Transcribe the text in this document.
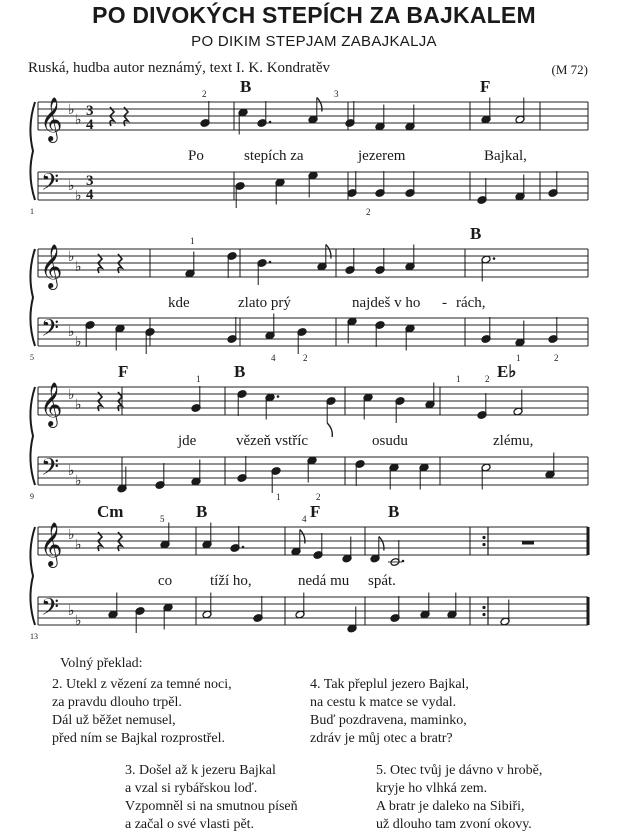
PO DIVOKÝCH STEPÍCH ZA BAJKALEM
PO DIKIM STEPJAM ZABAJKALJA
Ruská, hudba autor neznámý, text I. K. Kondratěv	(M 72)
𝄞
𝄢
♭
♭
♭
♭
3
4
3
4
1
B	F
2	3
2
Po	stepích za	jezerem	Bajkal,
𝄞
𝄢
♭
♭
♭
♭
5
B
1
4	2	1	2
kde	zlato prý	najdeš v ho - rách,
𝄞
𝄢
♭
♭
♭
♭
9
F	B	E♭
1	1	2
1	2
jde	vězeň vstříc	osudu	zlému,
𝄞
𝄢
♭
♭
♭
♭
13
Cm	B	F	B
5	4
co	tíží ho,	nedá mu spát.
Volný překlad:
2. Utekl z vězení za temné noci,
za pravdu dlouho trpěl.
Dál už běžet nemusel,
před ním se Bajkal rozprostřel.
4. Tak přeplul jezero Bajkal,
na cestu k matce se vydal.
Buď pozdravena, maminko,
zdráv je můj otec a bratr?
3. Došel až k jezeru Bajkal
a vzal si rybářskou loď.
Vzpomněl si na smutnou píseň
a začal o své vlasti pět.
5. Otec tvůj je dávno v hrobě,
kryje ho vlhká zem.
A bratr je daleko na Sibiři,
už dlouho tam zvoní okovy.
